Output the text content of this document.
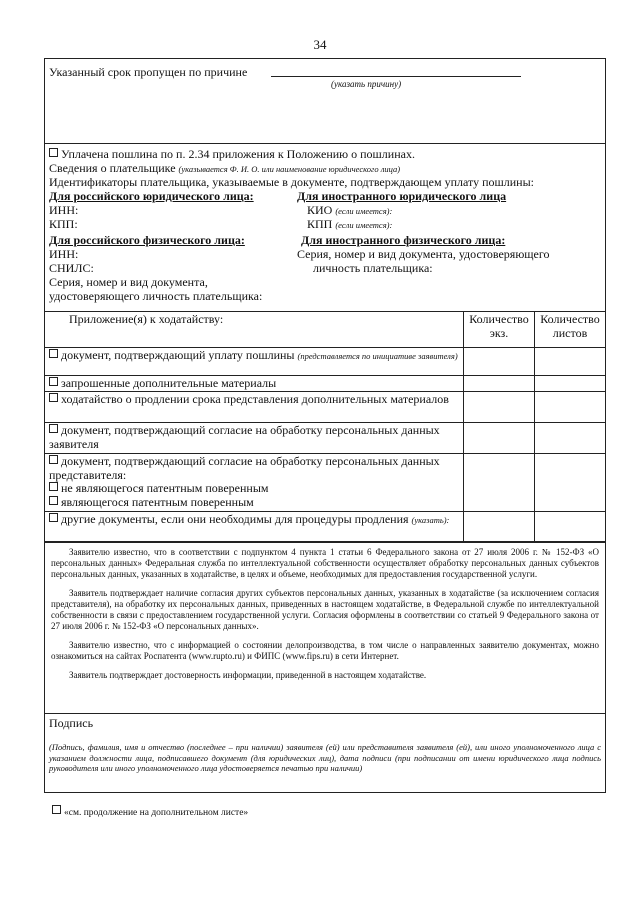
34
Указанный срок пропущен по причине
(указать причину)
Уплачена пошлина по п. 2.34 приложения к Положению о пошлинах.
Сведения о плательщике (указывается Ф. И. О. или наименование юридического лица)
Идентификаторы плательщика, указываемые в документе, подтверждающем уплату пошлины:
Для российского юридического лица:
ИНН:
КПП:
Для иностранного юридического лица
КИО (если имеется):
КПП (если имеется):
Для российского физического лица:
ИНН:
СНИЛС:
Серия, номер и вид документа,
удостоверяющего личность плательщика:
Для иностранного физического лица:
Серия, номер и вид документа, удостоверяющего
личность плательщика:
Приложение(я) к ходатайству:	Количество экз.
Количество листов
документ, подтверждающий уплату пошлины (представляется по инициативе заявителя)
запрошенные дополнительные материалы
ходатайство о продлении срока представления дополнительных материалов
документ, подтверждающий согласие на обработку персональных данных заявителя
документ, подтверждающий согласие на обработку персональных данных представителя:
не являющегося патентным поверенным
являющегося патентным поверенным
другие документы, если они необходимы для процедуры продления (указать):
Заявителю известно, что в соответствии с подпунктом 4 пункта 1 статьи 6 Федерального закона от 27 июля 2006 г. № 152-ФЗ «О персональных данных» Федеральная служба по интеллектуальной собственности осуществляет обработку персональных данных субъектов персональных данных, указанных в ходатайстве, в целях и объеме, необходимых для предоставления государственной услуги.
Заявитель подтверждает наличие согласия других субъектов персональных данных, указанных в ходатайстве (за исключением согласия представителя), на обработку их персональных данных, приведенных в настоящем ходатайстве, в Федеральной службе по интеллектуальной собственности в связи с предоставлением государственной услуги. Согласия оформлены в соответствии со статьей 9 Федерального закона от 27 июля 2006 г. № 152-ФЗ «О персональных данных».
Заявителю известно, что с информацией о состоянии делопроизводства, в том числе о направленных заявителю документах, можно ознакомиться на сайтах Роспатента (www.rupto.ru) и ФИПС (www.fips.ru) в сети Интернет.
Заявитель подтверждает достоверность информации, приведенной в настоящем ходатайстве.
Подпись
(Подпись, фамилия, имя и отчество (последнее – при наличии) заявителя (ей) или представителя заявителя (ей), или иного уполномоченного лица с указанием должности лица, подписавшего документ (для юридических лиц), дата подписи (при подписании от имени юридического лица подпись руководителя или иного уполномоченного лица удостоверяется печатью при наличии)
«см. продолжение на дополнительном листе»
